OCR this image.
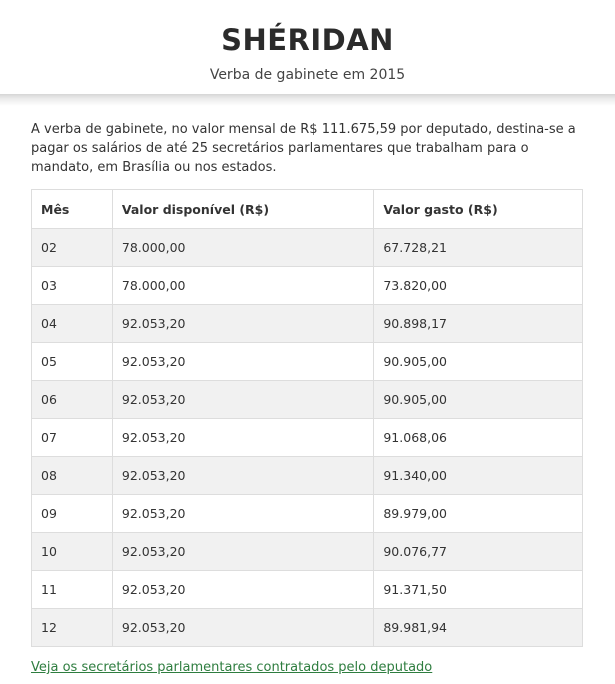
SHÉRIDAN
Verba de gabinete em 2015

A verba de gabinete, no valor mensal de R$ 111.675,59 por deputado, destina-se a pagar os salários de até 25 secretários parlamentares que trabalham para o mandato, em Brasília ou nos estados.

Mês	Valor disponível (R$)	Valor gasto (R$)
02	78.000,00	67.728,21
03	78.000,00	73.820,00
04	92.053,20	90.898,17
05	92.053,20	90.905,00
06	92.053,20	90.905,00
07	92.053,20	91.068,06
08	92.053,20	91.340,00
09	92.053,20	89.979,00
10	92.053,20	90.076,77
11	92.053,20	91.371,50
12	92.053,20	89.981,94
Veja os secretários parlamentares contratados pelo deputado
